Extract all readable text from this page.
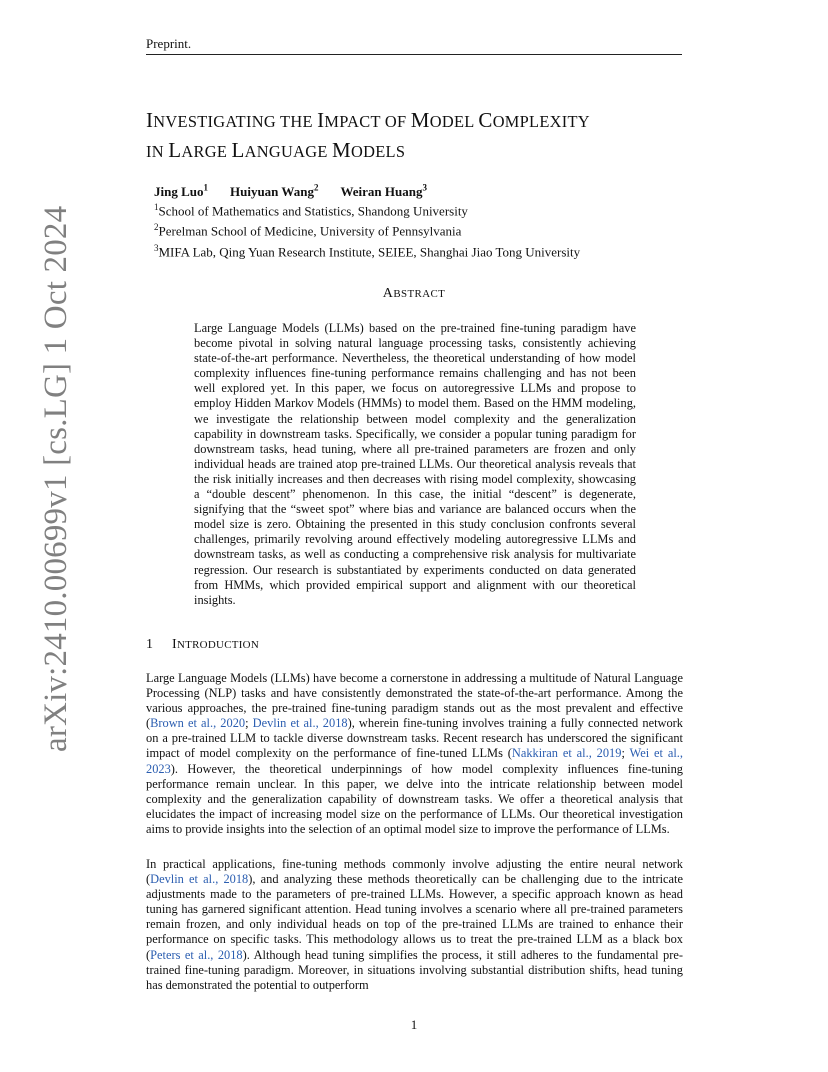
arXiv:2410.00699v1 [cs.LG] 1 Oct 2024
Preprint.
INVESTIGATING THE IMPACT OF MODEL COMPLEXITY
IN LARGE LANGUAGE MODELS
Jing Luo$^1$ Huiyuan Wang$^2$ Weiran Huang$^3$
$^1$School of Mathematics and Statistics, Shandong University
$^2$Perelman School of Medicine, University of Pennsylvania
$^3$MIFA Lab, Qing Yuan Research Institute, SEIEE, Shanghai Jiao Tong University
ABSTRACT

Large Language Models (LLMs) based on the pre-trained fine-tuning paradigm have become pivotal in solving natural language processing tasks, consistently achieving state-of-the-art performance. Nevertheless, the theoretical understanding of how model complexity influences fine-tuning performance remains challenging and has not been well explored yet. In this paper, we focus on autoregressive LLMs and propose to employ Hidden Markov Models (HMMs) to model them. Based on the HMM modeling, we investigate the relationship between model complexity and the generalization capability in downstream tasks. Specifically, we consider a popular tuning paradigm for downstream tasks, head tuning, where all pre-trained parameters are frozen and only individual heads are trained atop pre-trained LLMs. Our theoretical analysis reveals that the risk initially increases and then decreases with rising model complexity, showcasing a “double descent” phenomenon. In this case, the initial “descent” is degenerate, signifying that the “sweet spot” where bias and variance are balanced occurs when the model size is zero. Obtaining the presented in this study conclusion confronts several challenges, primarily revolving around effectively modeling autoregressive LLMs and downstream tasks, as well as conducting a comprehensive risk analysis for multivariate regression. Our research is substantiated by experiments conducted on data generated from HMMs, which provided empirical support and alignment with our theoretical insights.

1 INTRODUCTION

Large Language Models (LLMs) have become a cornerstone in addressing a multitude of Natural Language Processing (NLP) tasks and have consistently demonstrated the state-of-the-art performance. Among the various approaches, the pre-trained fine-tuning paradigm stands out as the most prevalent and effective (Brown et al., 2020; Devlin et al., 2018), wherein fine-tuning involves training a fully connected network on a pre-trained LLM to tackle diverse downstream tasks. Recent research has underscored the significant impact of model complexity on the performance of fine-tuned LLMs (Nakkiran et al., 2019; Wei et al., 2023). However, the theoretical underpinnings of how model complexity influences fine-tuning performance remain unclear. In this paper, we delve into the intricate relationship between model complexity and the generalization capability of downstream tasks. We offer a theoretical analysis that elucidates the impact of increasing model size on the performance of LLMs. Our theoretical investigation aims to provide insights into the selection of an optimal model size to improve the performance of LLMs.

In practical applications, fine-tuning methods commonly involve adjusting the entire neural network (Devlin et al., 2018), and analyzing these methods theoretically can be challenging due to the intricate adjustments made to the parameters of pre-trained LLMs. However, a specific approach known as head tuning has garnered significant attention. Head tuning involves a scenario where all pre-trained parameters remain frozen, and only individual heads on top of the pre-trained LLMs are trained to enhance their performance on specific tasks. This methodology allows us to treat the pre-trained LLM as a black box (Peters et al., 2018). Although head tuning simplifies the process, it still adheres to the fundamental pre-trained fine-tuning paradigm. Moreover, in situations involving substantial distribution shifts, head tuning has demonstrated the potential to outperform

1
